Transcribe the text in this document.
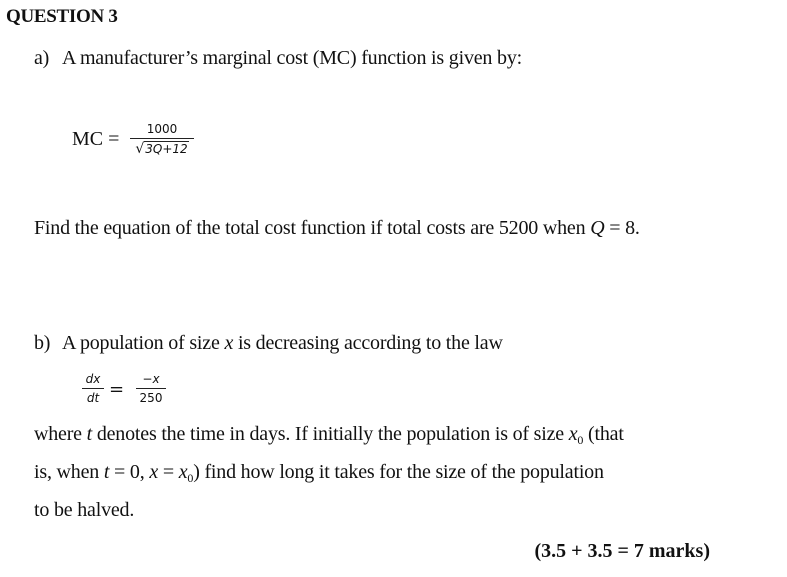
QUESTION 3
a) A manufacturer’s marginal cost (MC) function is given by:
MC =	1000
√3Q+12
Find the equation of the total cost function if total costs are 5200 when Q = 8.
b) A population of size x is decreasing according to the law
dx
dt =	−x
250
where t denotes the time in days. If initially the population is of size $x_0$ (that
is, when t = 0, $x = x_0$) find how long it takes for the size of the population
to be halved.
(3.5 + 3.5 = 7 marks)
